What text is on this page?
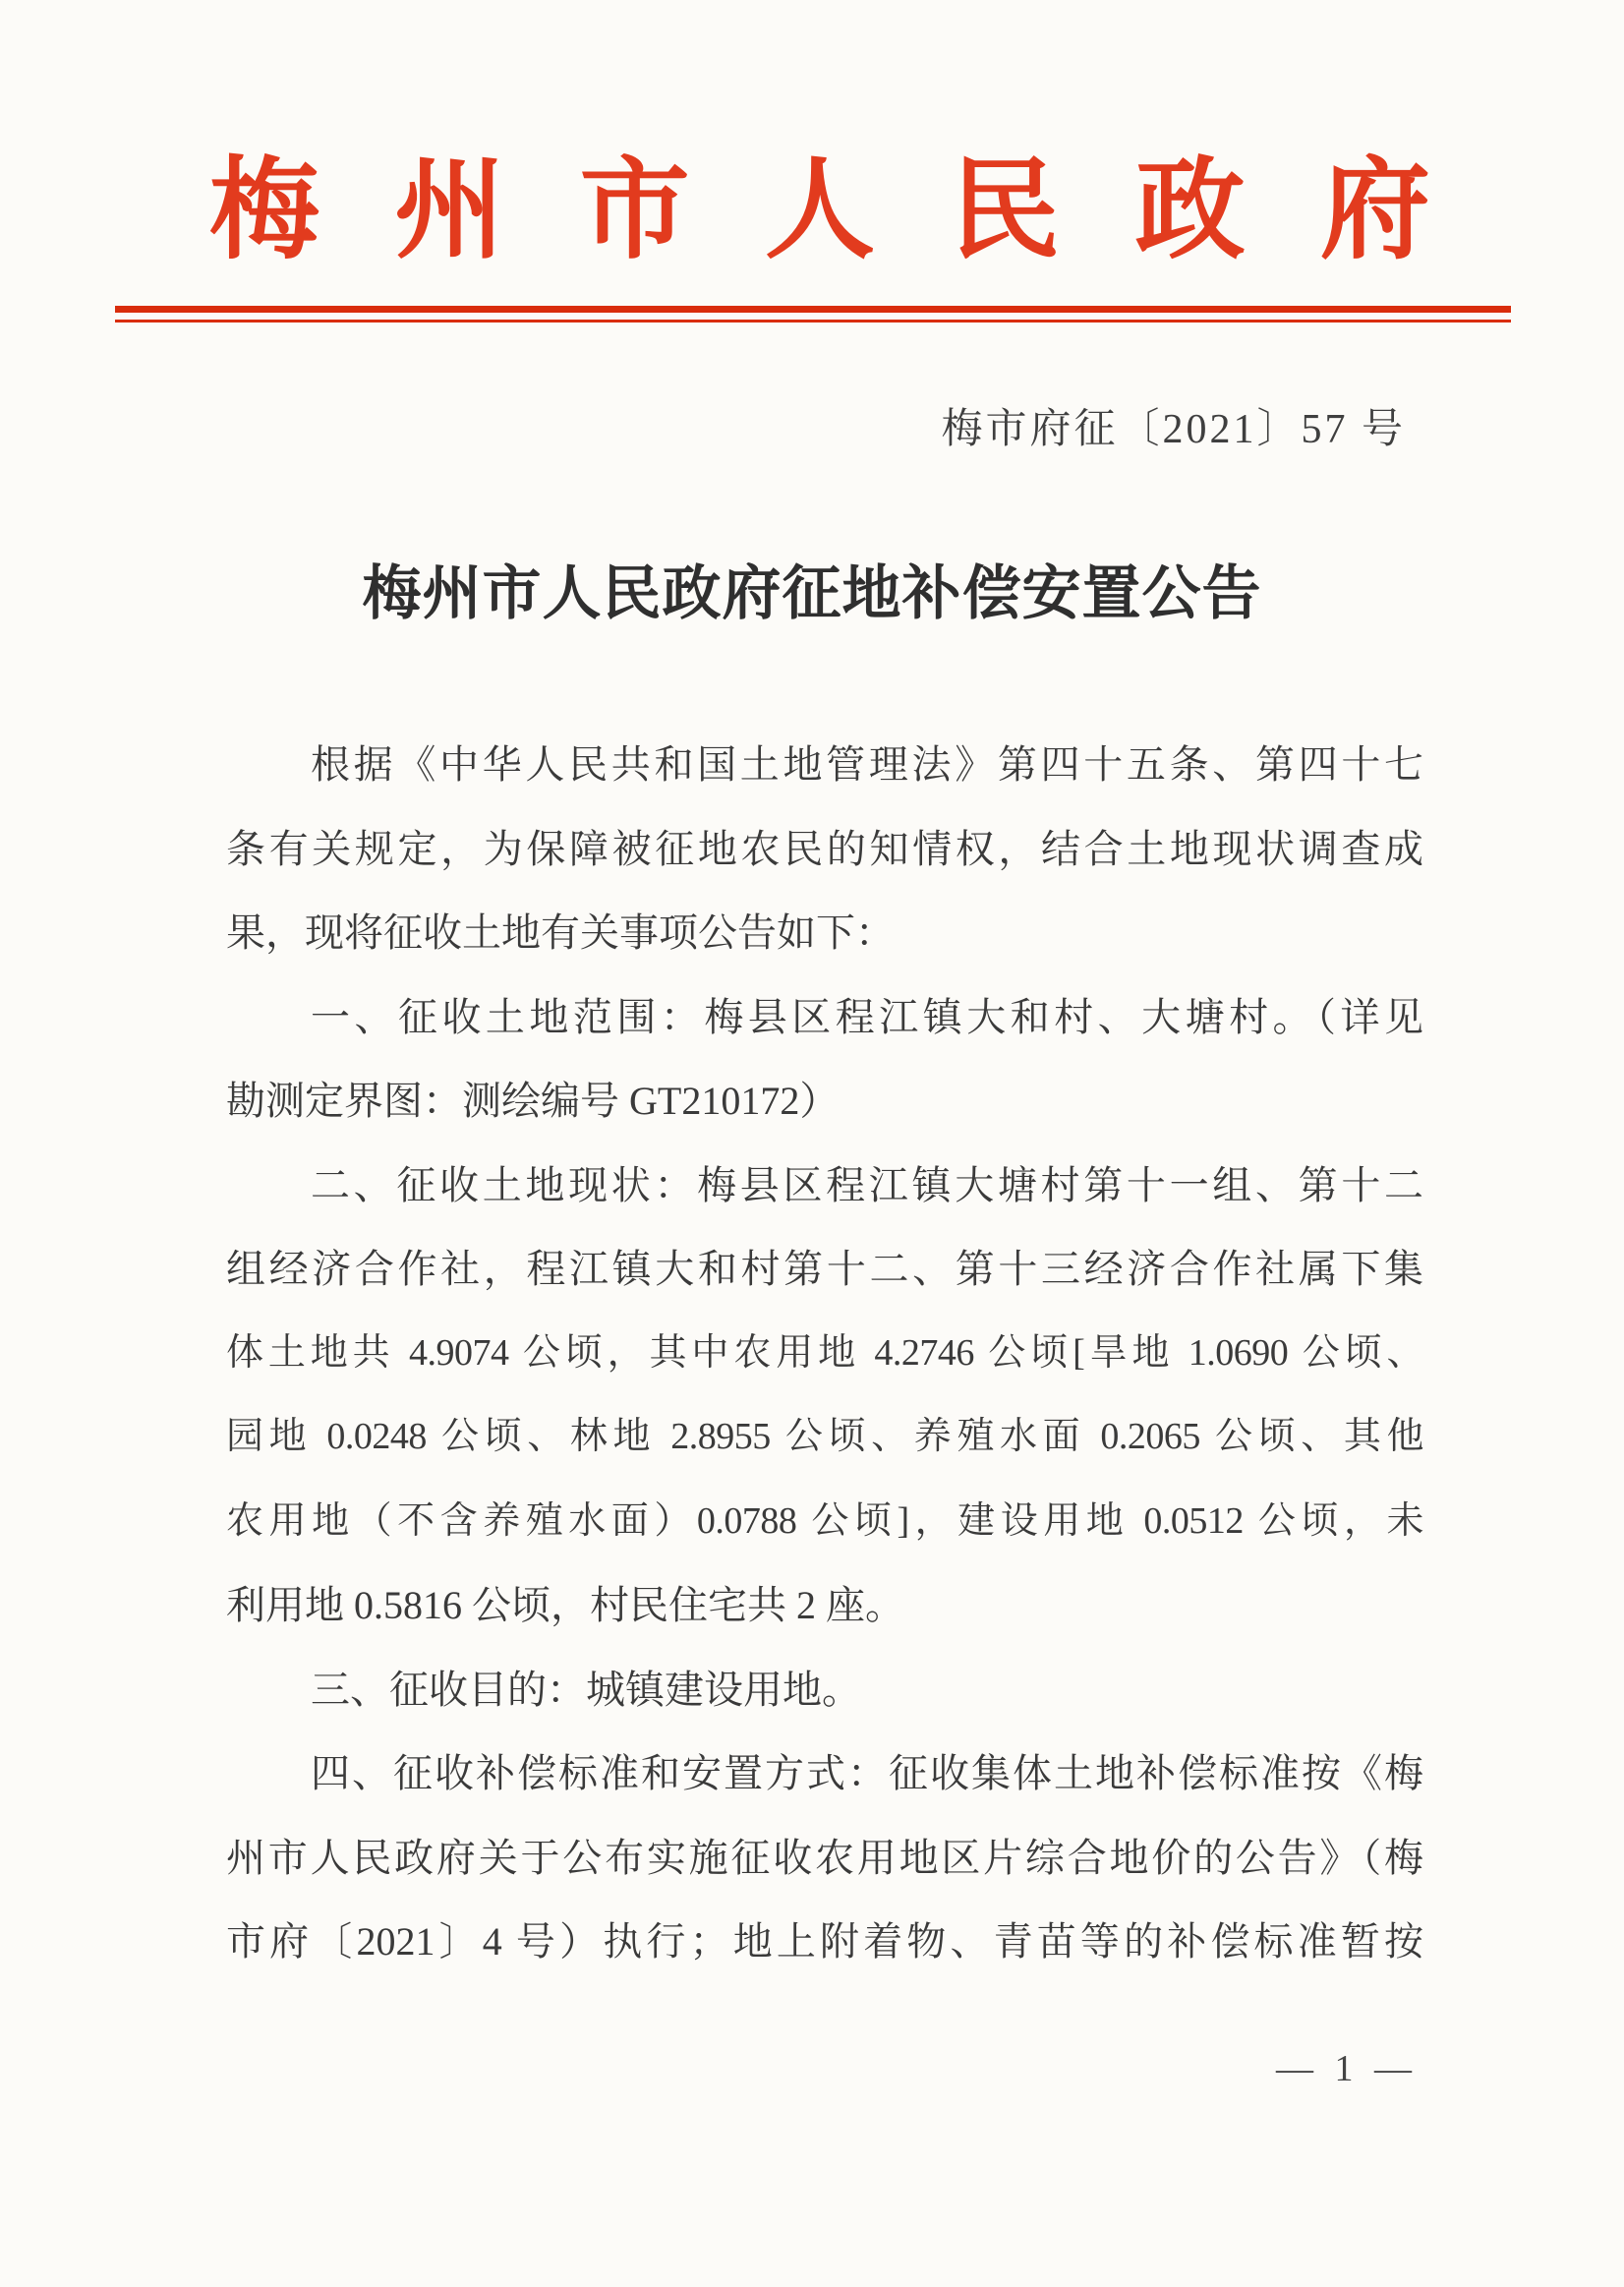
梅 州 市 人 民 政 府
梅市府征〔2021〕57 号
梅州市人民政府征地补偿安置公告
根据《中华人民共和国土地管理法》第四十五条、第四十七
条有关规定，为保障被征地农民的知情权，结合土地现状调查成
果，现将征收土地有关事项公告如下：
一、征收土地范围：梅县区程江镇大和村、大塘村。（详见
勘测定界图：测绘编号 GT210172）
二、征收土地现状：梅县区程江镇大塘村第十一组、第十二
组经济合作社，程江镇大和村第十二、第十三经济合作社属下集
体土地共 4.9074 公顷，其中农用地 4.2746 公顷[旱地 1.0690 公顷、
园地 0.0248 公顷、林地 2.8955 公顷、养殖水面 0.2065 公顷、其他
农用地（不含养殖水面）0.0788 公顷]，建设用地 0.0512 公顷，未
利用地 0.5816 公顷，村民住宅共 2 座。
三、征收目的：城镇建设用地。
四、征收补偿标准和安置方式：征收集体土地补偿标准按《梅
州市人民政府关于公布实施征收农用地区片综合地价的公告》（梅
市府〔2021〕4 号）执行；地上附着物、青苗等的补偿标准暂按
— 1 —
